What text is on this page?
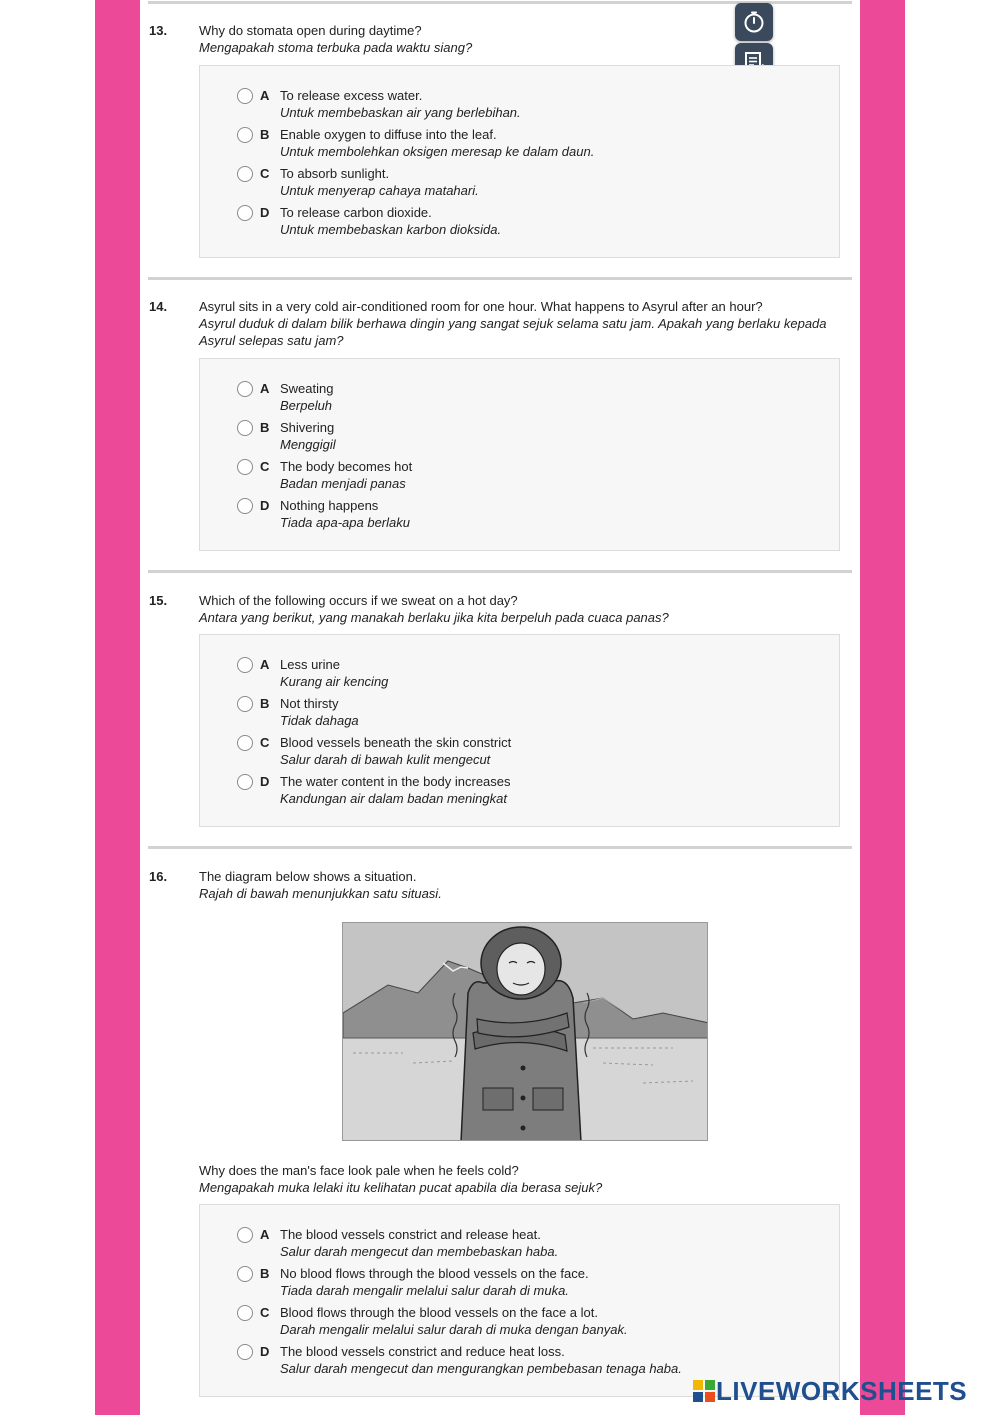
13. Why do stomata open during daytime?
Mengapakah stoma terbuka pada waktu siang?
A To release excess water.
Untuk membebaskan air yang berlebihan.
B Enable oxygen to diffuse into the leaf.
Untuk membolehkan oksigen meresap ke dalam daun.
C To absorb sunlight.
Untuk menyerap cahaya matahari.
D To release carbon dioxide.
Untuk membebaskan karbon dioksida.
14. Asyrul sits in a very cold air-conditioned room for one hour. What happens to Asyrul after an hour?
Asyrul duduk di dalam bilik berhawa dingin yang sangat sejuk selama satu jam. Apakah yang berlaku kepada Asyrul selepas satu jam?
A Sweating
Berpeluh
B Shivering
Menggigil
C The body becomes hot
Badan menjadi panas
D Nothing happens
Tiada apa-apa berlaku
15. Which of the following occurs if we sweat on a hot day?
Antara yang berikut, yang manakah berlaku jika kita berpeluh pada cuaca panas?
A Less urine
Kurang air kencing
B Not thirsty
Tidak dahaga
C Blood vessels beneath the skin constrict
Salur darah di bawah kulit mengecut
D The water content in the body increases
Kandungan air dalam badan meningkat
16. The diagram below shows a situation.
Rajah di bawah menunjukkan satu situasi.
Why does the man's face look pale when he feels cold?
Mengapakah muka lelaki itu kelihatan pucat apabila dia berasa sejuk?
A The blood vessels constrict and release heat.
Salur darah mengecut dan membebaskan haba.
B No blood flows through the blood vessels on the face.
Tiada darah mengalir melalui salur darah di muka.
C Blood flows through the blood vessels on the face a lot.
Darah mengalir melalui salur darah di muka dengan banyak.
D The blood vessels constrict and reduce heat loss.
Salur darah mengecut dan mengurangkan pembebasan tenaga haba.
LIVEWORKSHEETS
